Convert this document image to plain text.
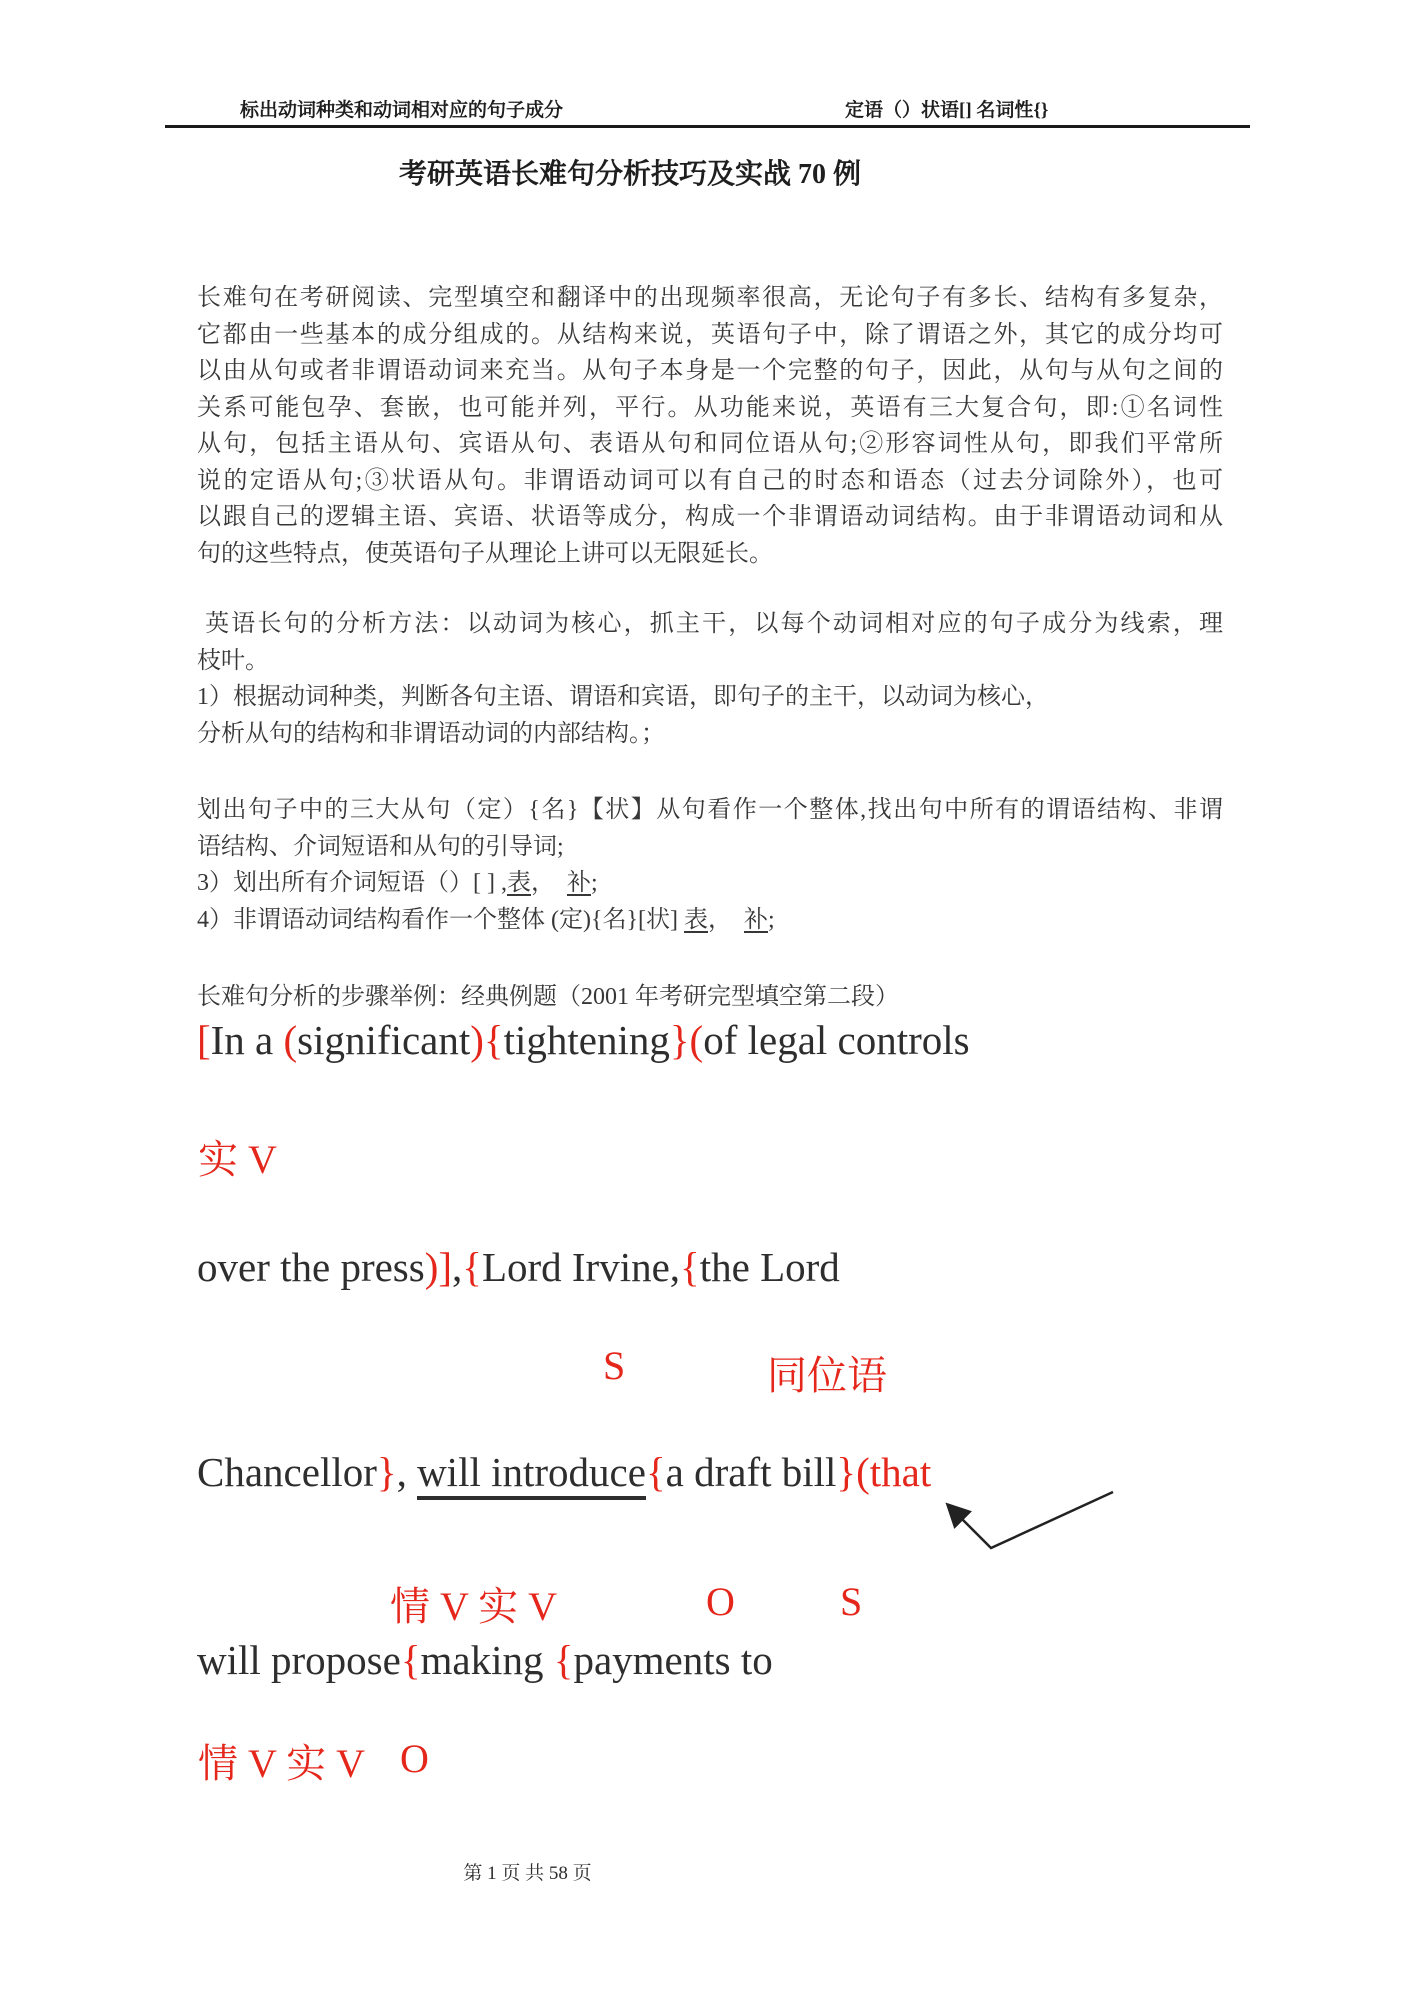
标出动词种类和动词相对应的句子成分	定语（）状语[] 名词性{}
考研英语长难句分析技巧及实战 70 例
长难句在考研阅读、完型填空和翻译中的出现频率很高，无论句子有多长、结构有多复杂，
它都由一些基本的成分组成的。从结构来说，英语句子中，除了谓语之外，其它的成分均可
以由从句或者非谓语动词来充当。从句子本身是一个完整的句子，因此，从句与从句之间的
关系可能包孕、套嵌，也可能并列，平行。从功能来说，英语有三大复合句，即:①名词性
从句，包括主语从句、宾语从句、表语从句和同位语从句;②形容词性从句，即我们平常所
说的定语从句;③状语从句。非谓语动词可以有自己的时态和语态（过去分词除外），也可
以跟自己的逻辑主语、宾语、状语等成分，构成一个非谓语动词结构。由于非谓语动词和从
句的这些特点，使英语句子从理论上讲可以无限延长。
英语长句的分析方法：以动词为核心，抓主干，以每个动词相对应的句子成分为线索，理
枝叶。
1）根据动词种类，判断各句主语、谓语和宾语，即句子的主干，以动词为核心，
分析从句的结构和非谓语动词的内部结构。；
划出句子中的三大从句（定）{名}【状】从句看作一个整体,找出句中所有的谓语结构、非谓
语结构、介词短语和从句的引导词;
3）划出所有介词短语（）[ ] ,表，　补;
4）非谓语动词结构看作一个整体 (定){名}[状] 表，　补;
长难句分析的步骤举例：经典例题（2001 年考研完型填空第二段）
[In a (significant){tightening}(of legal controls
实 V
over the press)],{Lord Irvine,{the Lord
S	同位语
Chancellor}, will introduce{a draft bill}(that
情 V 实 V	O	S
will propose{making {payments to
情 V 实 V O
第 1 页 共 58 页
